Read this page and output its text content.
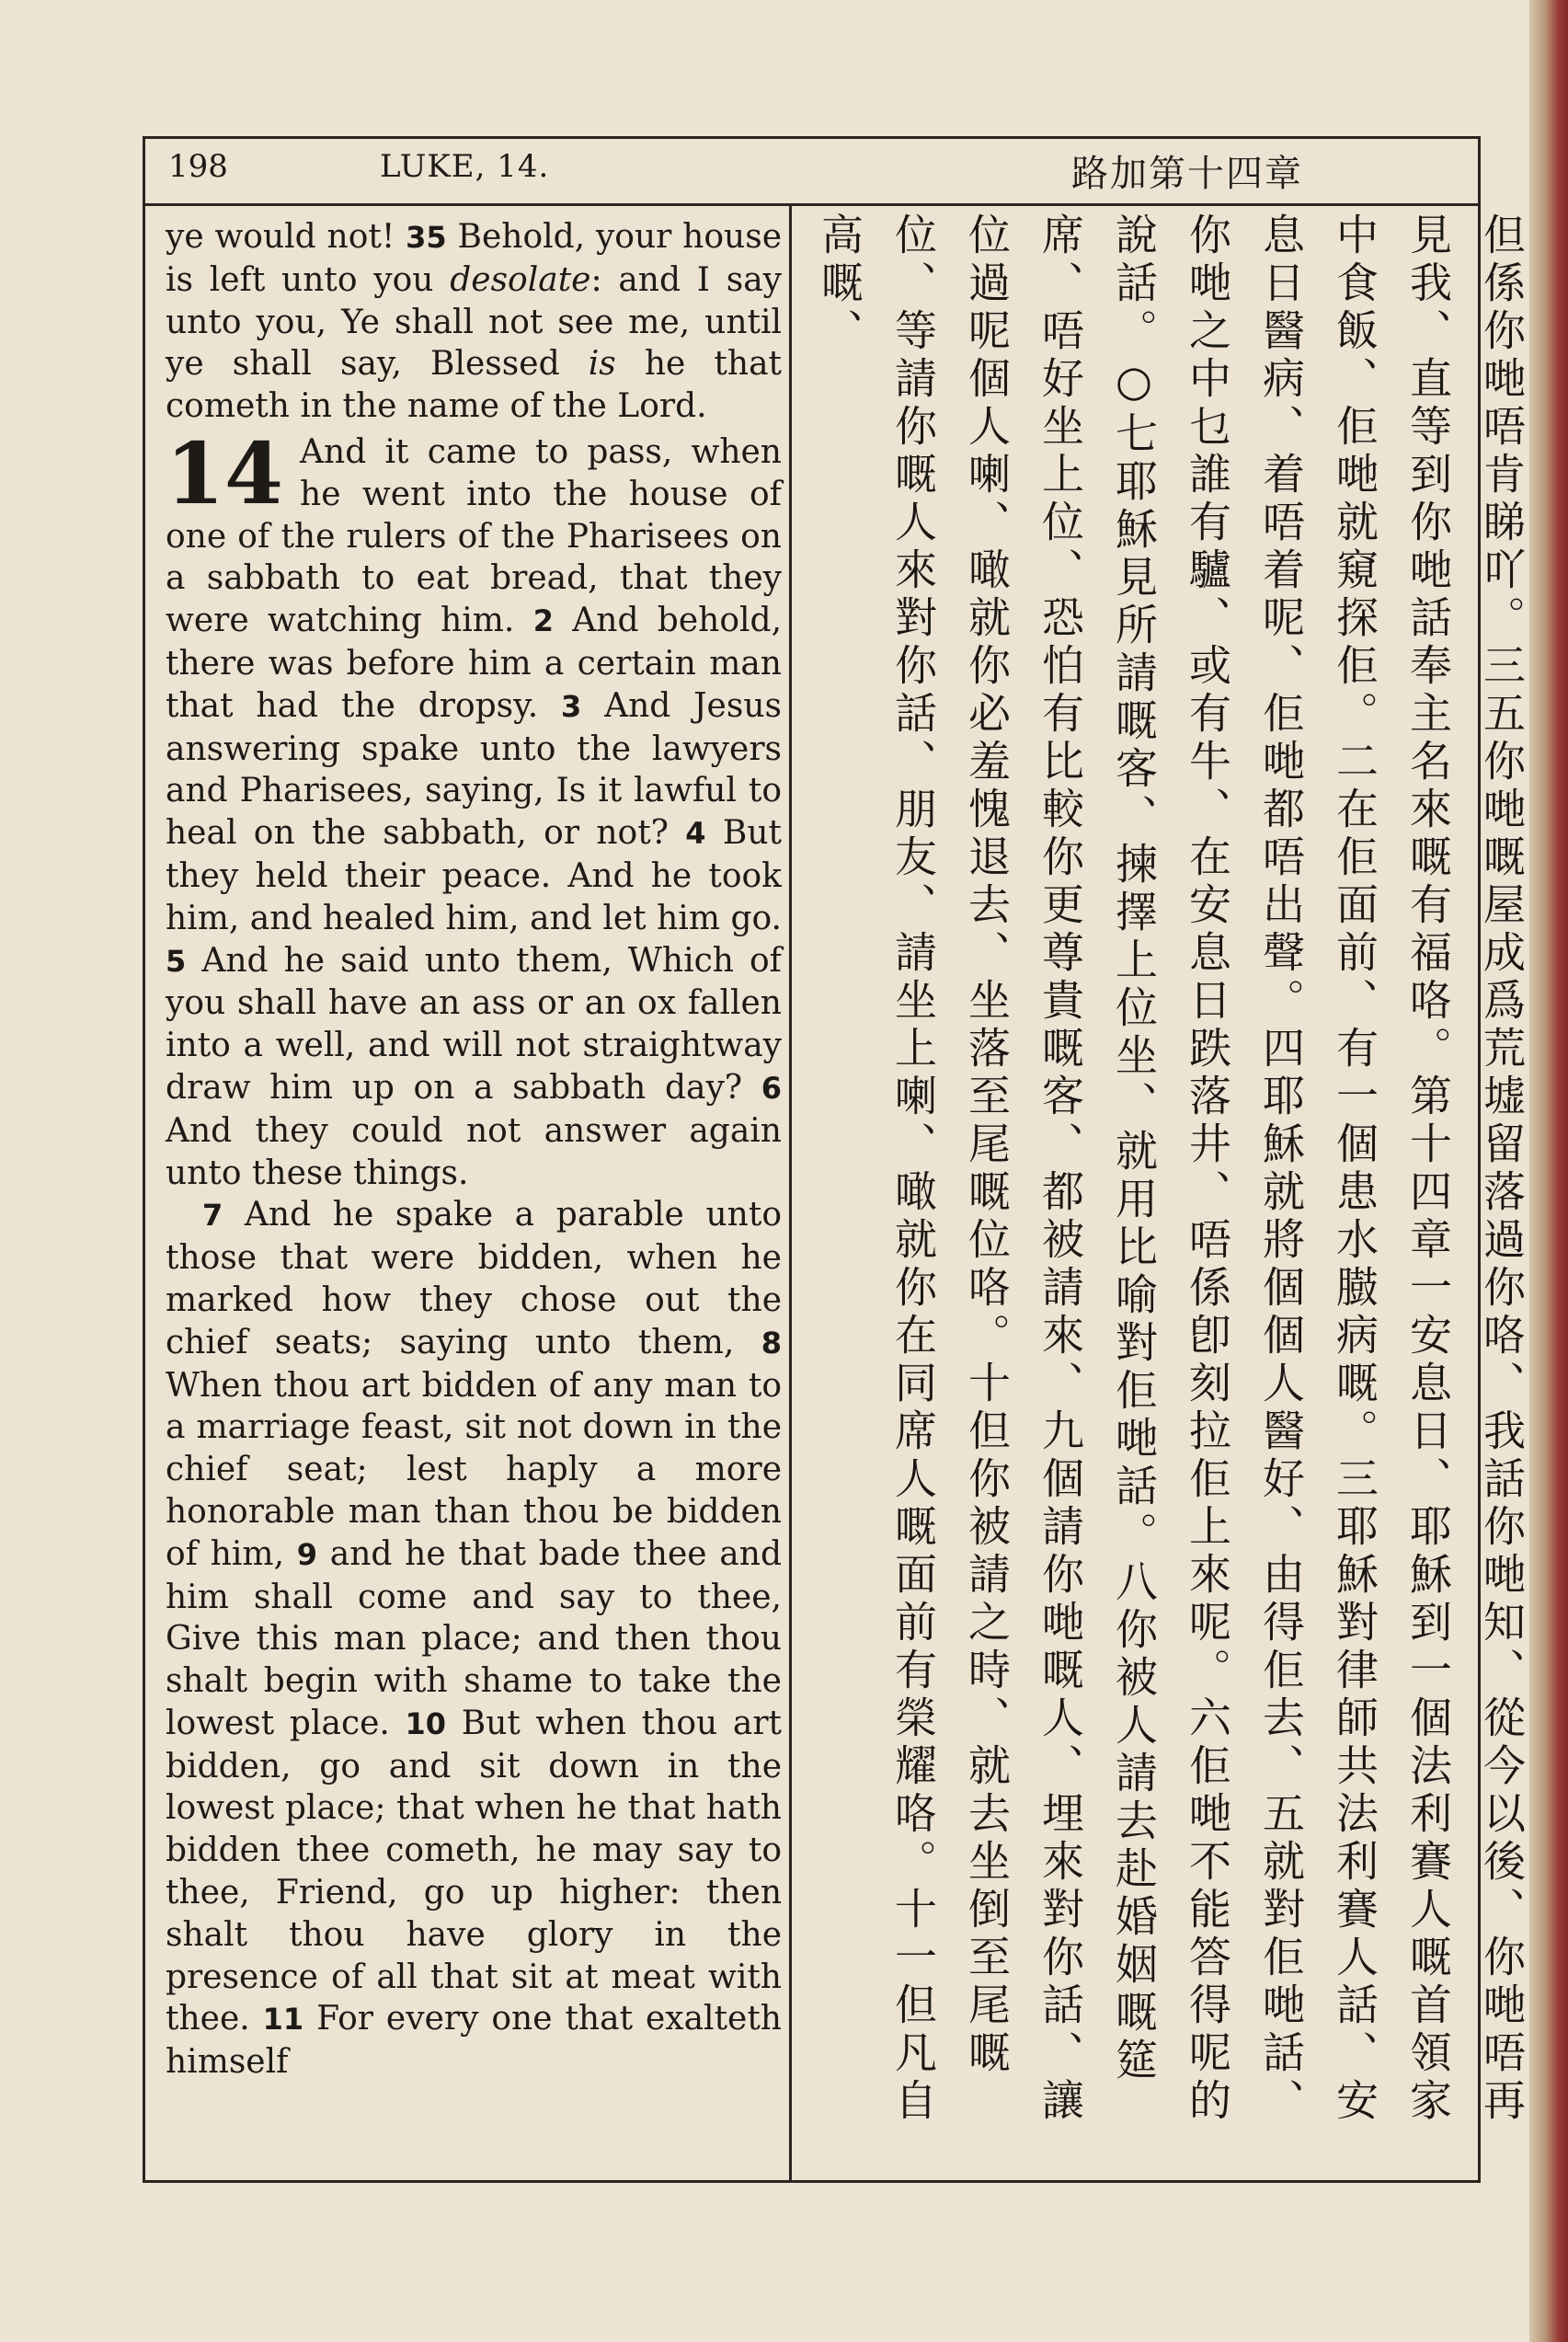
198	LUKE, 14.	路加第十四章

ye would not! 35 Behold, your house is left unto you desolate: and I say unto you, Ye shall not see me, until ye shall say, Blessed is he that cometh in the name of the Lord.

14 And it came to pass, when he went into the house of one of the rulers of the Pharisees on a sabbath to eat bread, that they were watching him. 2 And behold, there was before him a certain man that had the dropsy. 3 And Jesus answering spake unto the lawyers and Pharisees, saying, Is it lawful to heal on the sabbath, or not? 4 But they held their peace. And he took him, and healed him, and let him go. 5 And he said unto them, Which of you shall have an ass or an ox fallen into a well, and will not straightway draw him up on a sabbath day? 6 And they could not answer again unto these things.

7 And he spake a parable unto those that were bidden, when he marked how they chose out the chief seats; saying unto them, 8 When thou art bidden of any man to a marriage feast, sit not down in the chief seat; lest haply a more honorable man than thou be bidden of him, 9 and he that bade thee and him shall come and say to thee, Give this man place; and then thou shalt begin with shame to take the lowest place. 10 But when thou art bidden, go and sit down in the lowest place; that when he that hath bidden thee cometh, he may say to thee, Friend, go up higher: then shalt thou have glory in the presence of all that sit at meat with thee. 11 For every one that exalteth himself	但係你哋唔肯睇吖。三五你哋嘅屋成爲荒墟留落過你咯、我話你哋知、從今以後、你哋唔再見我、直等到你哋話奉主名來嘅有福咯。第十四章一安息日、耶穌到一個法利賽人嘅首領家中食飯、佢哋就窺探佢。二在佢面前、有一個患水臌病嘅。三耶穌對律師共法利賽人話、安息日醫病、着唔着呢、佢哋都唔出聲。四耶穌就將個個人醫好、由得佢去、五就對佢哋話、你哋之中乜誰有驢、或有牛、在安息日跌落井、唔係卽刻拉佢上來呢。六佢哋不能答得呢的說話。○七耶穌見所請嘅客、揀擇上位坐、就用比喻對佢哋話。八你被人請去赴婚姻嘅筵席、唔好坐上位、恐怕有比較你更尊貴嘅客、都被請來、九個請你哋嘅人、埋來對你話、讓位過呢個人喇、噉就你必羞愧退去、坐落至尾嘅位咯。十但你被請之時、就去坐倒至尾嘅位、等請你嘅人來對你話、朋友、請坐上喇、噉就你在同席人嘅面前有榮耀咯。十一但凡自高嘅、
